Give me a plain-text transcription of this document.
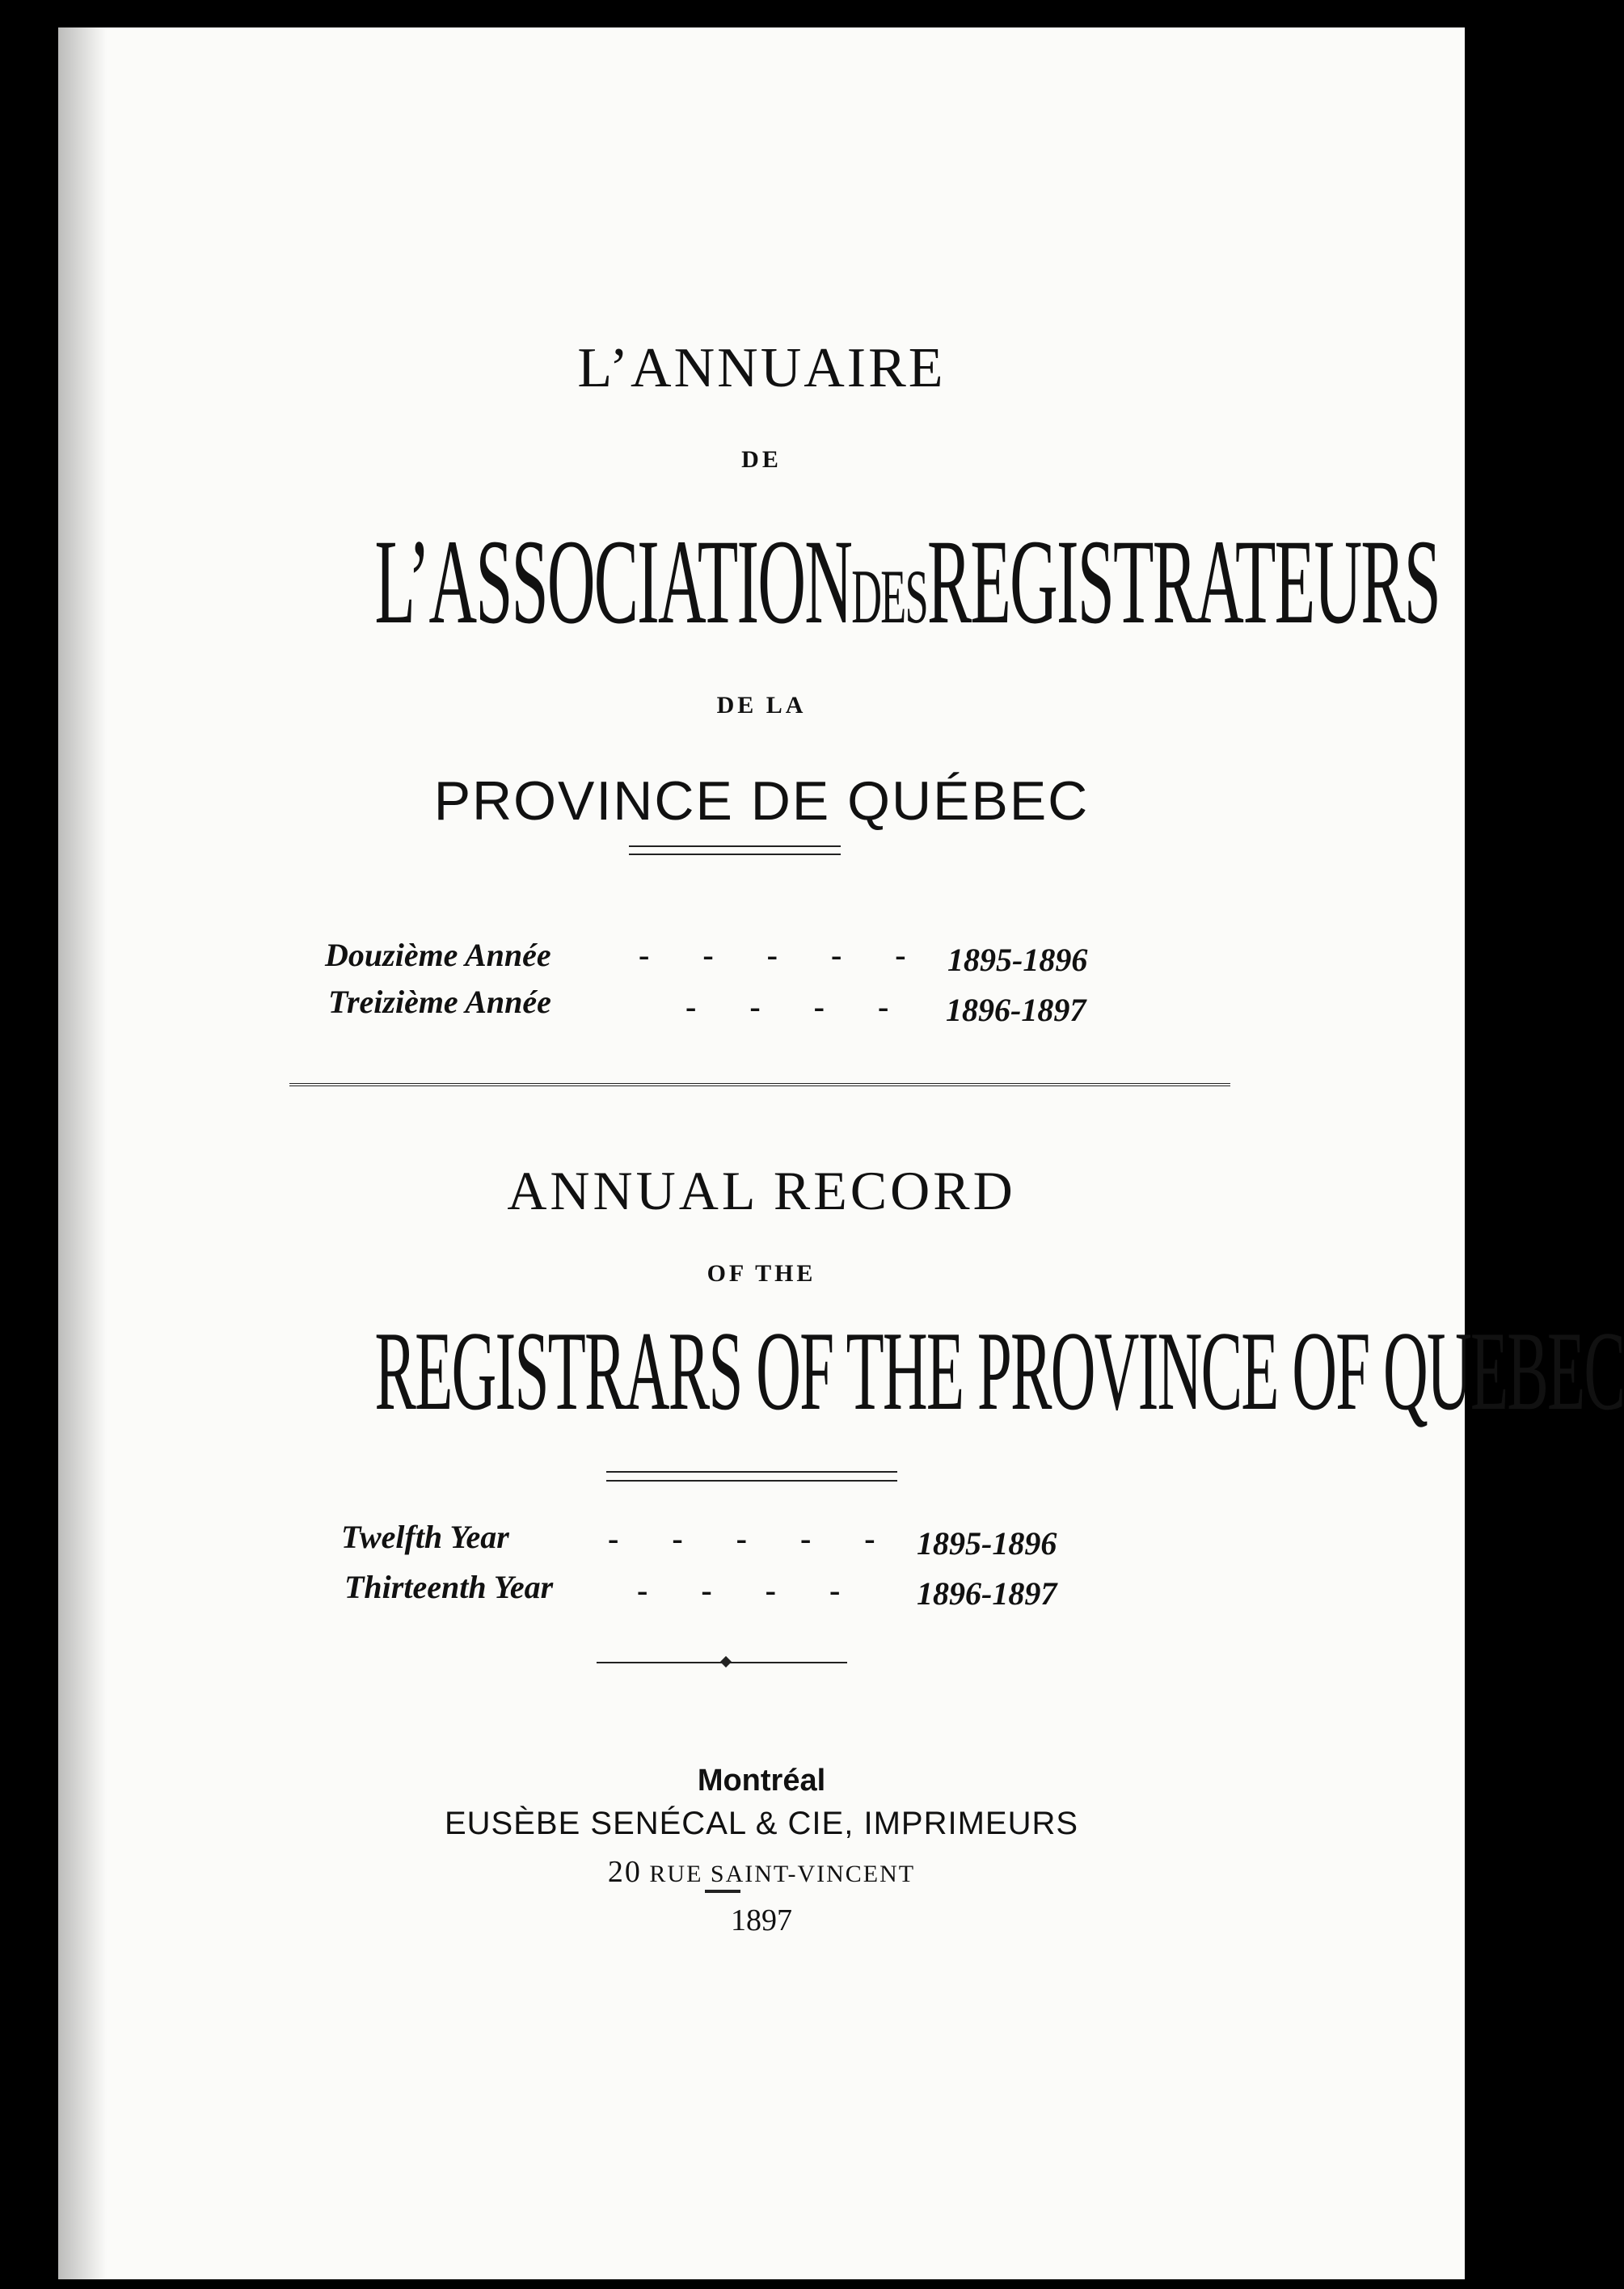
L’ANNUAIRE
DE
L’ASSOCIATIONDESREGISTRATEURS
DE LA
PROVINCE DE QUÉBEC
Douzième Année	- - - - - 1895-1896
Treizième Année	- - - - 1896-1897
ANNUAL RECORD
OF THE
REGISTRARS OF THE PROVINCE OF QUEBEC
Twelfth Year	- - - - - 1895-1896
Thirteenth Year	- - - - 1896-1897
Montréal
EUSÈBE SENÉCAL & CIE, IMPRIMEURS
20 RUE SAINT-VINCENT
1897
